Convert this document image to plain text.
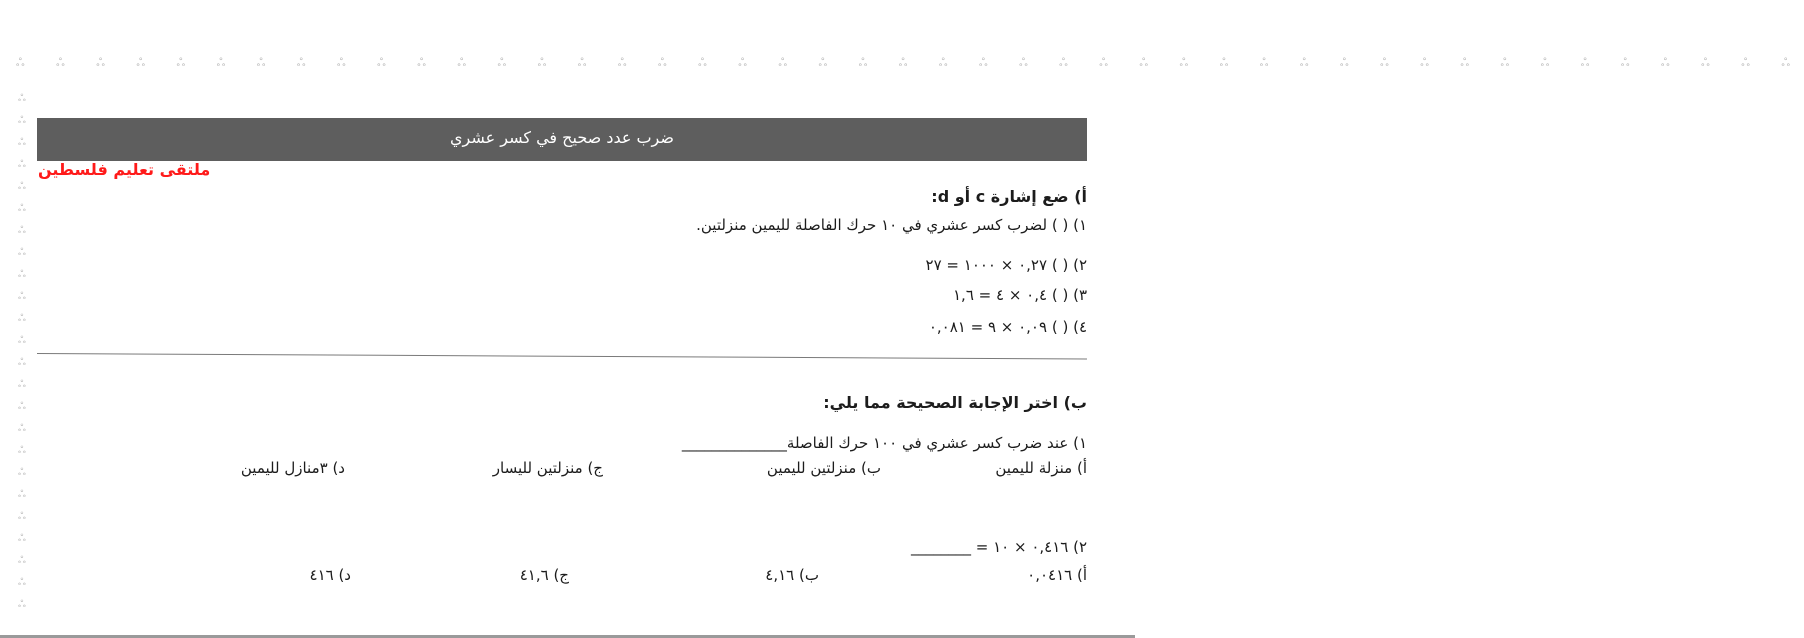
ஃ ஃ ஃ ஃ ஃ ஃ ஃ ஃ ஃ ஃ ஃ ஃ ஃ ஃ ஃ ஃ ஃ ஃ ஃ ஃ ஃ ஃ ஃ ஃ ஃ ஃ ஃ ஃ ஃ ஃ ஃ ஃ ஃ ஃ ஃ ஃ ஃ ஃ ஃ ஃ ஃ ஃ ஃ ஃ ஃ
ஃ ஃ ஃ ஃ ஃ ஃ ஃ ஃ ஃ ஃ ஃ ஃ ஃ ஃ ஃ ஃ ஃ ஃ ஃ ஃ ஃ ஃ ஃ ஃ
ضرب عدد صحيح في كسر عشري
ملتقى تعليم فلسطين
أ) ضع إشارة c أو d:
١) ( ) لضرب كسر عشري في ١٠ حرك الفاصلة لليمين منزلتين.
٢) ( ) ٠,٢٧ × ١٠٠٠ = ٢٧
٣) ( ) ٠,٤ × ٤ = ١,٦
٤) ( ) ٠,٠٩ × ٩ = ٠,٠٨١
ب) اختر الإجابة الصحيحة مما يلي:
١) عند ضرب كسر عشري في ١٠٠ حرك الفاصلة______________
أ) منزلة لليمين
ب) منزلتين لليمين
ج) منزلتين لليسار
د) ٣منازل لليمين
٢) ٠,٤١٦ × ١٠ = ________
أ) ٠,٠٤١٦
ب) ٤,١٦
ج) ٤١,٦
د) ٤١٦
